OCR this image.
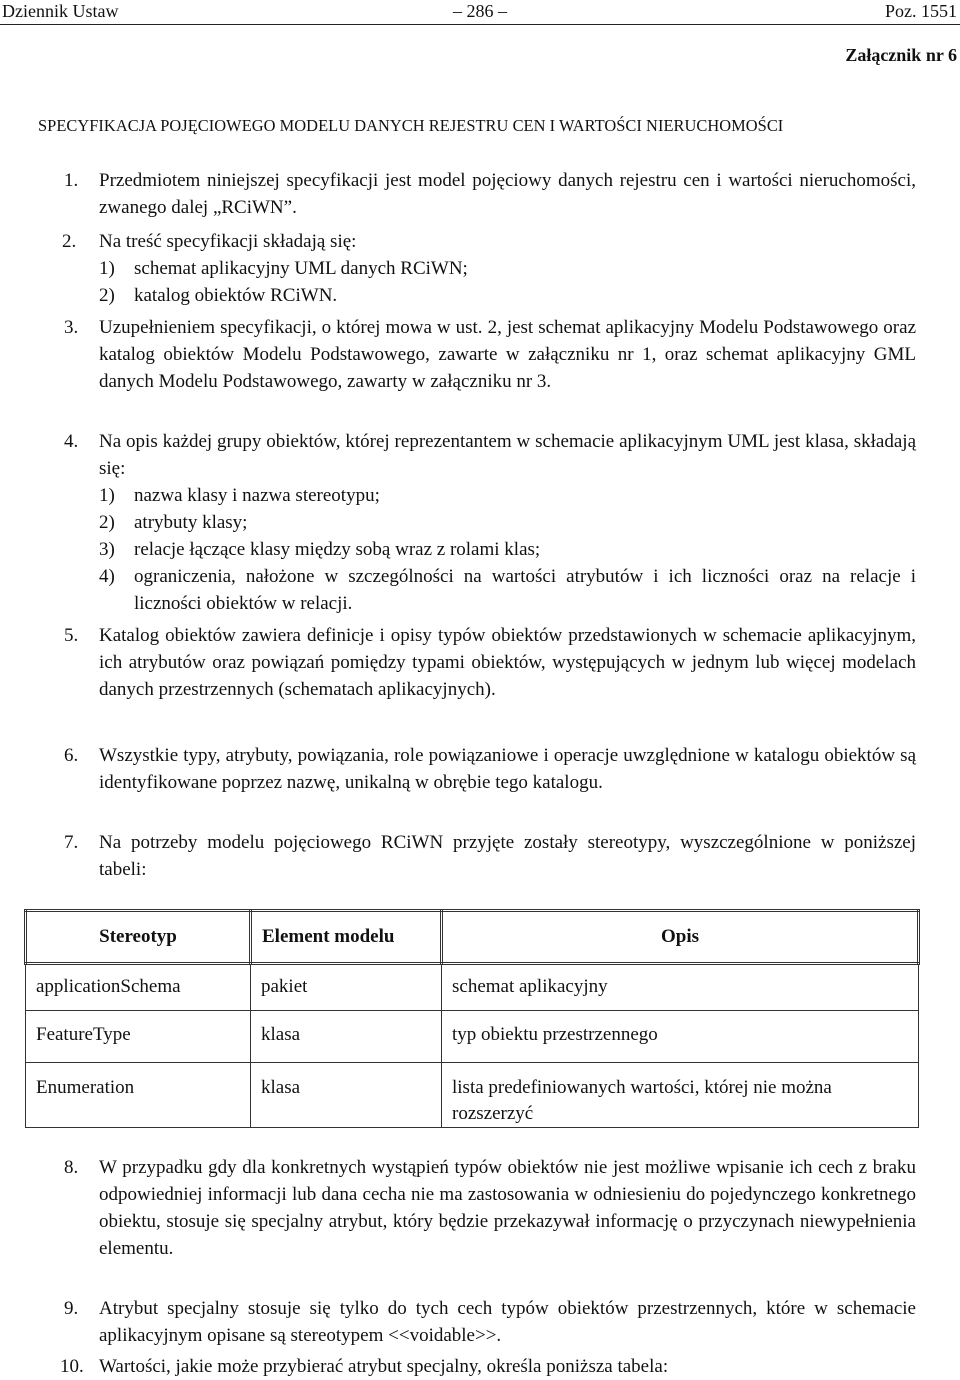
Dziennik Ustaw	– 286 –	Poz. 1551
Załącznik nr 6
SPECYFIKACJA POJĘCIOWEGO MODELU DANYCH REJESTRU CEN I WARTOŚCI NIERUCHOMOŚCI
1. Przedmiotem niniejszej specyfikacji jest model pojęciowy danych rejestru cen i wartości nieruchomości, zwanego dalej „RCiWN”.
2. Na treść specyfikacji składają się:
1) schemat aplikacyjny UML danych RCiWN;
2) katalog obiektów RCiWN.
3. Uzupełnieniem specyfikacji, o której mowa w ust. 2, jest schemat aplikacyjny Modelu Podstawowego oraz katalog obiektów Modelu Podstawowego, zawarte w załączniku nr 1, oraz schemat aplikacyjny GML danych Modelu Podstawowego, zawarty w załączniku nr 3.
4. Na opis każdej grupy obiektów, której reprezentantem w schemacie aplikacyjnym UML jest klasa, składają się:
1) nazwa klasy i nazwa stereotypu;
2) atrybuty klasy;
3) relacje łączące klasy między sobą wraz z rolami klas;
4) ograniczenia, nałożone w szczególności na wartości atrybutów i ich liczności oraz na relacje i liczności obiektów w relacji.
5. Katalog obiektów zawiera definicje i opisy typów obiektów przedstawionych w schemacie aplikacyjnym, ich atrybutów oraz powiązań pomiędzy typami obiektów, występujących w jednym lub więcej modelach danych przestrzennych (schematach aplikacyjnych).
6. Wszystkie typy, atrybuty, powiązania, role powiązaniowe i operacje uwzględnione w katalogu obiektów są identyfikowane poprzez nazwę, unikalną w obrębie tego katalogu.
7. Na potrzeby modelu pojęciowego RCiWN przyjęte zostały stereotypy, wyszczególnione w poniższej tabeli:
Stereotyp	Element modelu	Opis
applicationSchema	pakiet	schemat aplikacyjny
FeatureType	klasa	typ obiektu przestrzennego
Enumeration	klasa	lista predefiniowanych wartości, której nie można rozszerzyć
8. W przypadku gdy dla konkretnych wystąpień typów obiektów nie jest możliwe wpisanie ich cech z braku odpowiedniej informacji lub dana cecha nie ma zastosowania w odniesieniu do pojedynczego konkretnego obiektu, stosuje się specjalny atrybut, który będzie przekazywał informację o przyczynach niewypełnienia elementu.
9. Atrybut specjalny stosuje się tylko do tych cech typów obiektów przestrzennych, które w schemacie aplikacyjnym opisane są stereotypem <<voidable>>.
10. Wartości, jakie może przybierać atrybut specjalny, określa poniższa tabela:
